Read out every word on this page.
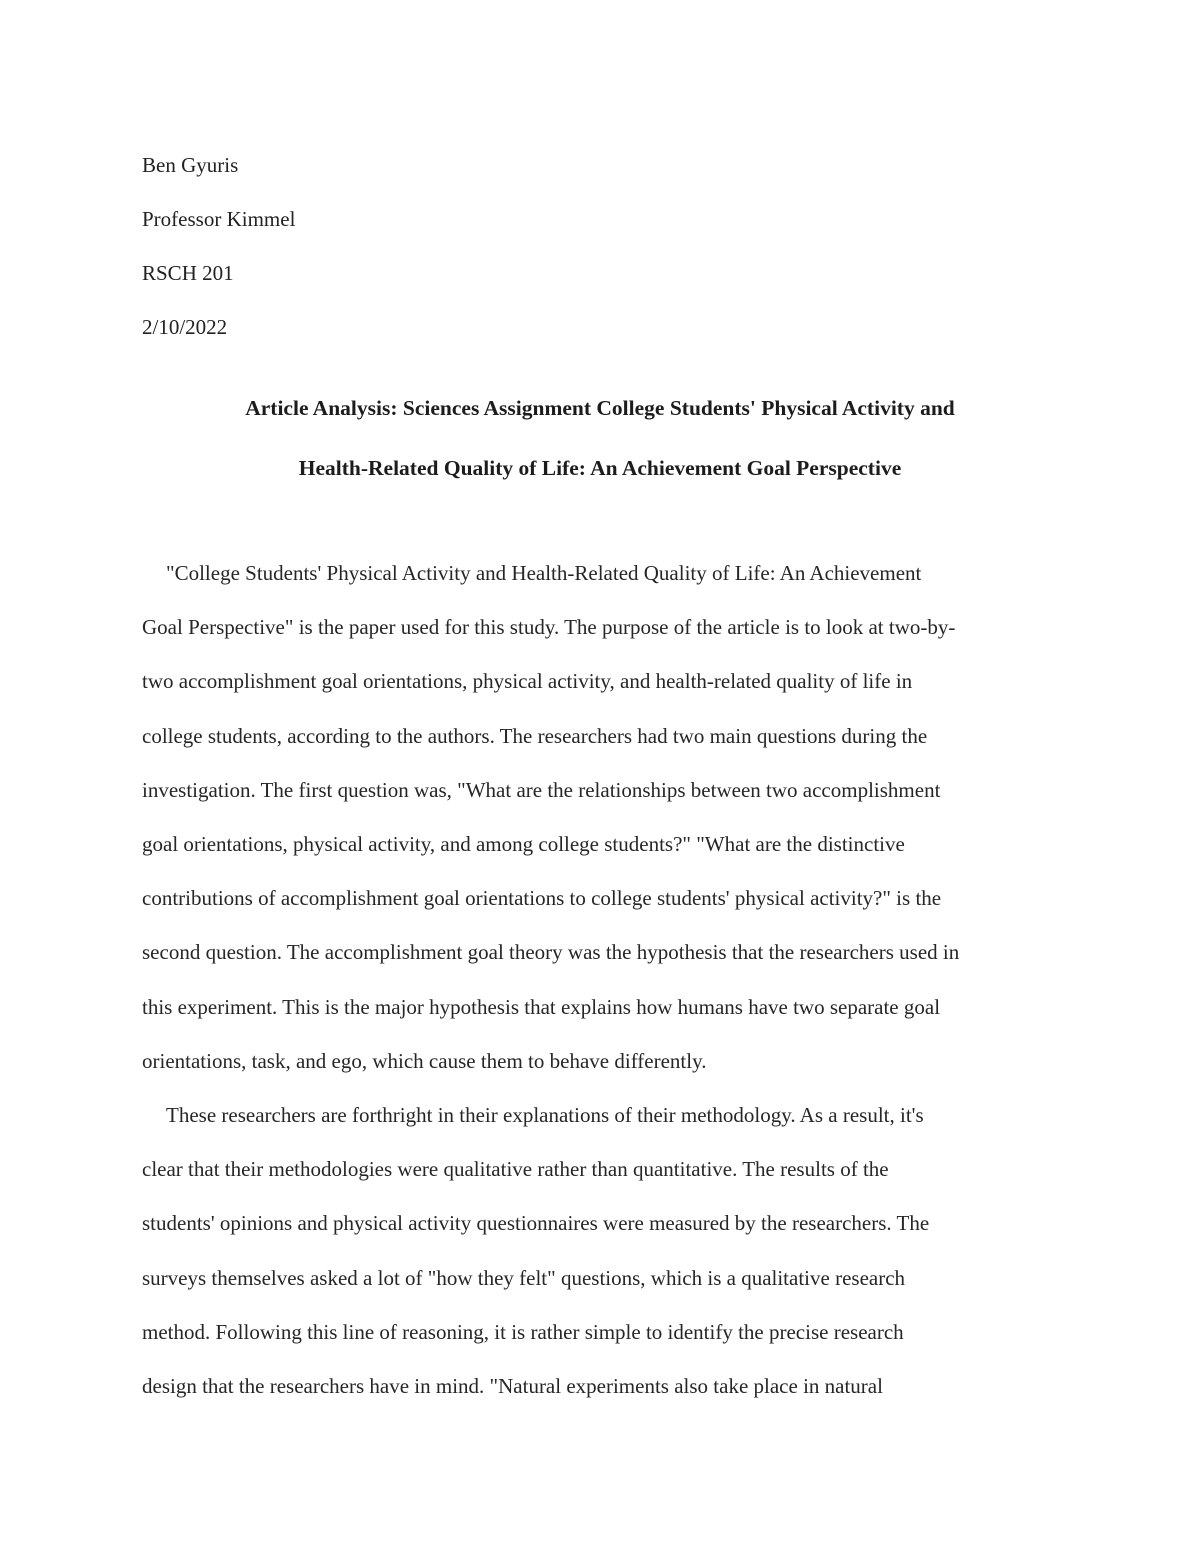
Ben Gyuris
Professor Kimmel
RSCH 201
2/10/2022
Article Analysis: Sciences Assignment College Students' Physical Activity and
Health-Related Quality of Life: An Achievement Goal Perspective
"College Students' Physical Activity and Health-Related Quality of Life: An Achievement
Goal Perspective" is the paper used for this study. The purpose of the article is to look at two-by-
two accomplishment goal orientations, physical activity, and health-related quality of life in
college students, according to the authors. The researchers had two main questions during the
investigation. The first question was, "What are the relationships between two accomplishment
goal orientations, physical activity, and among college students?" "What are the distinctive
contributions of accomplishment goal orientations to college students' physical activity?" is the
second question. The accomplishment goal theory was the hypothesis that the researchers used in
this experiment. This is the major hypothesis that explains how humans have two separate goal
orientations, task, and ego, which cause them to behave differently.
These researchers are forthright in their explanations of their methodology. As a result, it's
clear that their methodologies were qualitative rather than quantitative. The results of the
students' opinions and physical activity questionnaires were measured by the researchers. The
surveys themselves asked a lot of "how they felt" questions, which is a qualitative research
method. Following this line of reasoning, it is rather simple to identify the precise research
design that the researchers have in mind. "Natural experiments also take place in natural
